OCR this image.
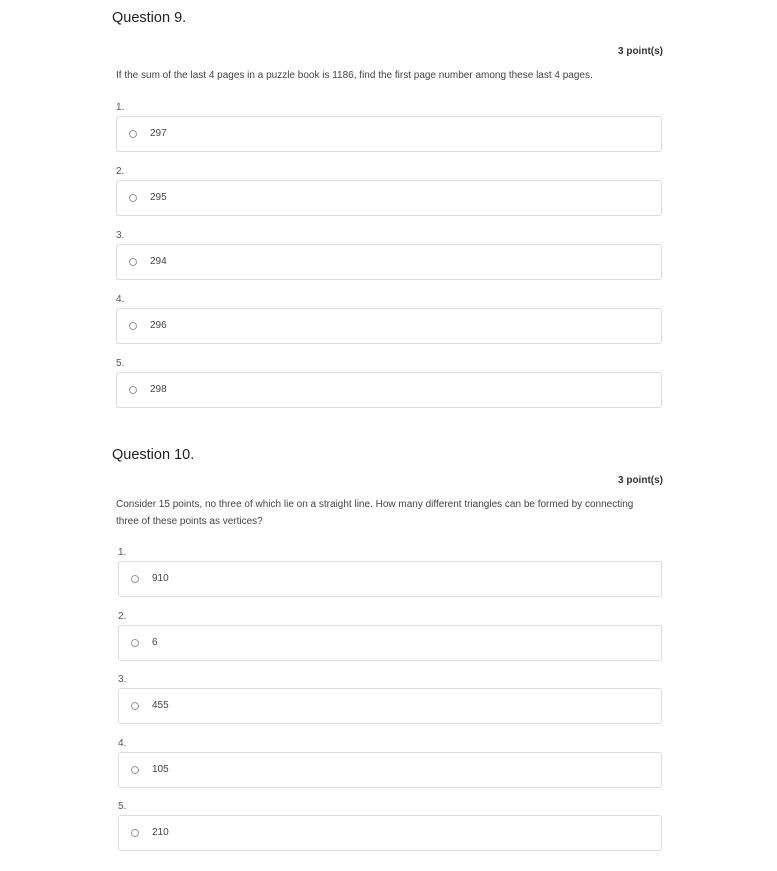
Question 9.
3 point(s)

If the sum of the last 4 pages in a puzzle book is 1186, find the first page number among these last 4 pages.

1.
297
2.
295
3.
294
4.
296
5.
298
Question 10.
3 point(s)

Consider 15 points, no three of which lie on a straight line. How many different triangles can be formed by connecting three of these points as vertices?

1.
910
2.
6
3.
455
4.
105
5.
210
